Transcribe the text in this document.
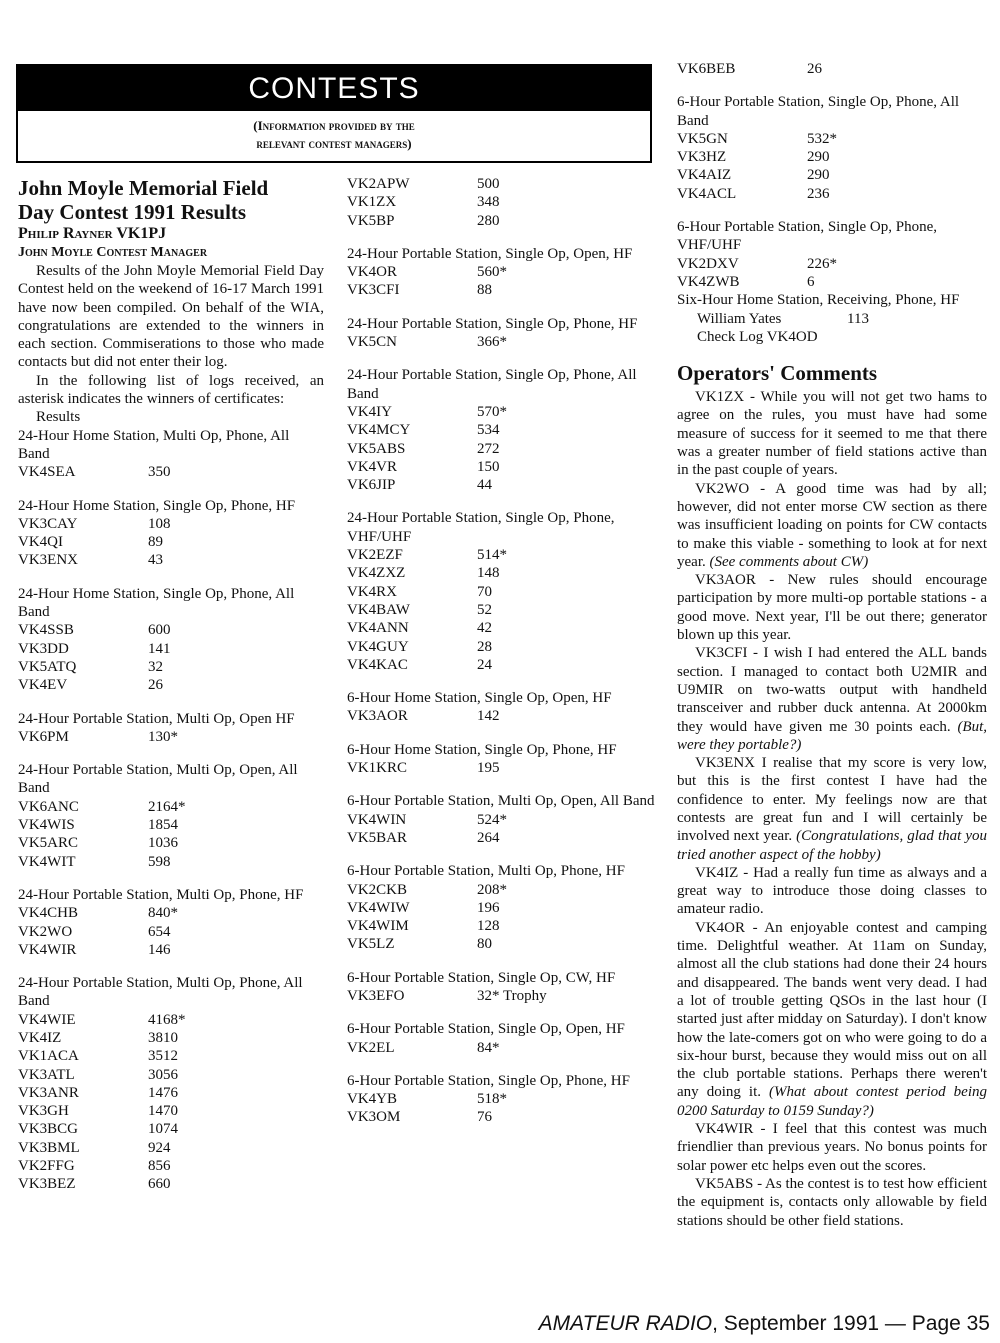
CONTESTS
(Information provided by the
relevant contest managers)
John Moyle Memorial Field
Day Contest 1991 Results
Philip Rayner VK1PJ
John Moyle Contest Manager

Results of the John Moyle Memorial Field Day Contest held on the weekend of 16-17 March 1991 have now been compiled. On behalf of the WIA, congratulations are extended to the winners in each section. Commiserations to those who made contacts but did not enter their log.

In the following list of logs received, an asterisk indicates the winners of certificates:

Results

24-Hour Home Station, Multi Op, Phone, All Band
VK4SEA	350
24-Hour Home Station, Single Op, Phone, HF
VK3CAY	108
VK4QI	89
VK3ENX	43
24-Hour Home Station, Single Op, Phone, All Band
VK4SSB	600
VK3DD	141
VK5ATQ	32
VK4EV	26
24-Hour Portable Station, Multi Op, Open HF
VK6PM	130*
24-Hour Portable Station, Multi Op, Open, All Band
VK6ANC	2164*
VK4WIS	1854
VK5ARC	1036
VK4WIT	598
24-Hour Portable Station, Multi Op, Phone, HF
VK4CHB	840*
VK2WO	654
VK4WIR	146
24-Hour Portable Station, Multi Op, Phone, All Band
VK4WIE	4168*
VK4IZ	3810
VK1ACA	3512
VK3ATL	3056
VK3ANR	1476
VK3GH	1470
VK3BCG	1074
VK3BML	924
VK2FFG	856
VK3BEZ	660
VK2APW	500
VK1ZX	348
VK5BP	280
24-Hour Portable Station, Single Op, Open, HF
VK4OR	560*
VK3CFI	88
24-Hour Portable Station, Single Op, Phone, HF
VK5CN	366*
24-Hour Portable Station, Single Op, Phone, All Band
VK4IY	570*
VK4MCY	534
VK5ABS	272
VK4VR	150
VK6JIP	44
24-Hour Portable Station, Single Op, Phone, VHF/UHF
VK2EZF	514*
VK4ZXZ	148
VK4RX	70
VK4BAW	52
VK4ANN	42
VK4GUY	28
VK4KAC	24
6-Hour Home Station, Single Op, Open, HF
VK3AOR	142
6-Hour Home Station, Single Op, Phone, HF
VK1KRC	195
6-Hour Portable Station, Multi Op, Open, All Band
VK4WIN	524*
VK5BAR	264
6-Hour Portable Station, Multi Op, Phone, HF
VK2CKB	208*
VK4WIW	196
VK4WIM	128
VK5LZ	80
6-Hour Portable Station, Single Op, CW, HF
VK3EFO	32* Trophy
6-Hour Portable Station, Single Op, Open, HF
VK2EL	84*
6-Hour Portable Station, Single Op, Phone, HF
VK4YB	518*
VK3OM	76
VK6BEB	26
6-Hour Portable Station, Single Op, Phone, All Band
VK5GN	532*
VK3HZ	290
VK4AIZ	290
VK4ACL	236
6-Hour Portable Station, Single Op, Phone, VHF/UHF
VK2DXV	226*
VK4ZWB	6
Six-Hour Home Station, Receiving, Phone, HF
William Yates	113
Check Log VK4OD
Operators' Comments

VK1ZX - While you will not get two hams to agree on the rules, you must have had some measure of success for it seemed to me that there was a greater number of field stations active than in the past couple of years.

VK2WO - A good time was had by all; however, did not enter morse CW section as there was insufficient loading on points for CW contacts to make this viable - something to look at for next year. (See comments about CW)

VK3AOR - New rules should encourage participation by more multi-op portable stations - a good move. Next year, I'll be out there; generator blown up this year.

VK3CFI - I wish I had entered the ALL bands section. I managed to contact both U2MIR and U9MIR on two-watts output with handheld transceiver and rubber duck antenna. At 2000km they would have given me 30 points each. (But, were they portable?)

VK3ENX I realise that my score is very low, but this is the first contest I have had the confidence to enter. My feelings now are that contests are great fun and I will certainly be involved next year. (Congratulations, glad that you tried another aspect of the hobby)

VK4IZ - Had a really fun time as always and a great way to introduce those doing classes to amateur radio.

VK4OR - An enjoyable contest and camping time. Delightful weather. At 11am on Sunday, almost all the club stations had done their 24 hours and disappeared. The bands went very dead. I had a lot of trouble getting QSOs in the last hour (I started just after midday on Saturday). I don't know how the late-comers got on who were going to do a six-hour burst, because they would miss out on all the club portable stations. Perhaps there weren't any doing it. (What about contest period being 0200 Saturday to 0159 Sunday?)

VK4WIR - I feel that this contest was much friendlier than previous years. No bonus points for solar power etc helps even out the scores.

VK5ABS - As the contest is to test how efficient the equipment is, contacts only allowable by field stations should be other field stations.

AMATEUR RADIO, September 1991 — Page 35
